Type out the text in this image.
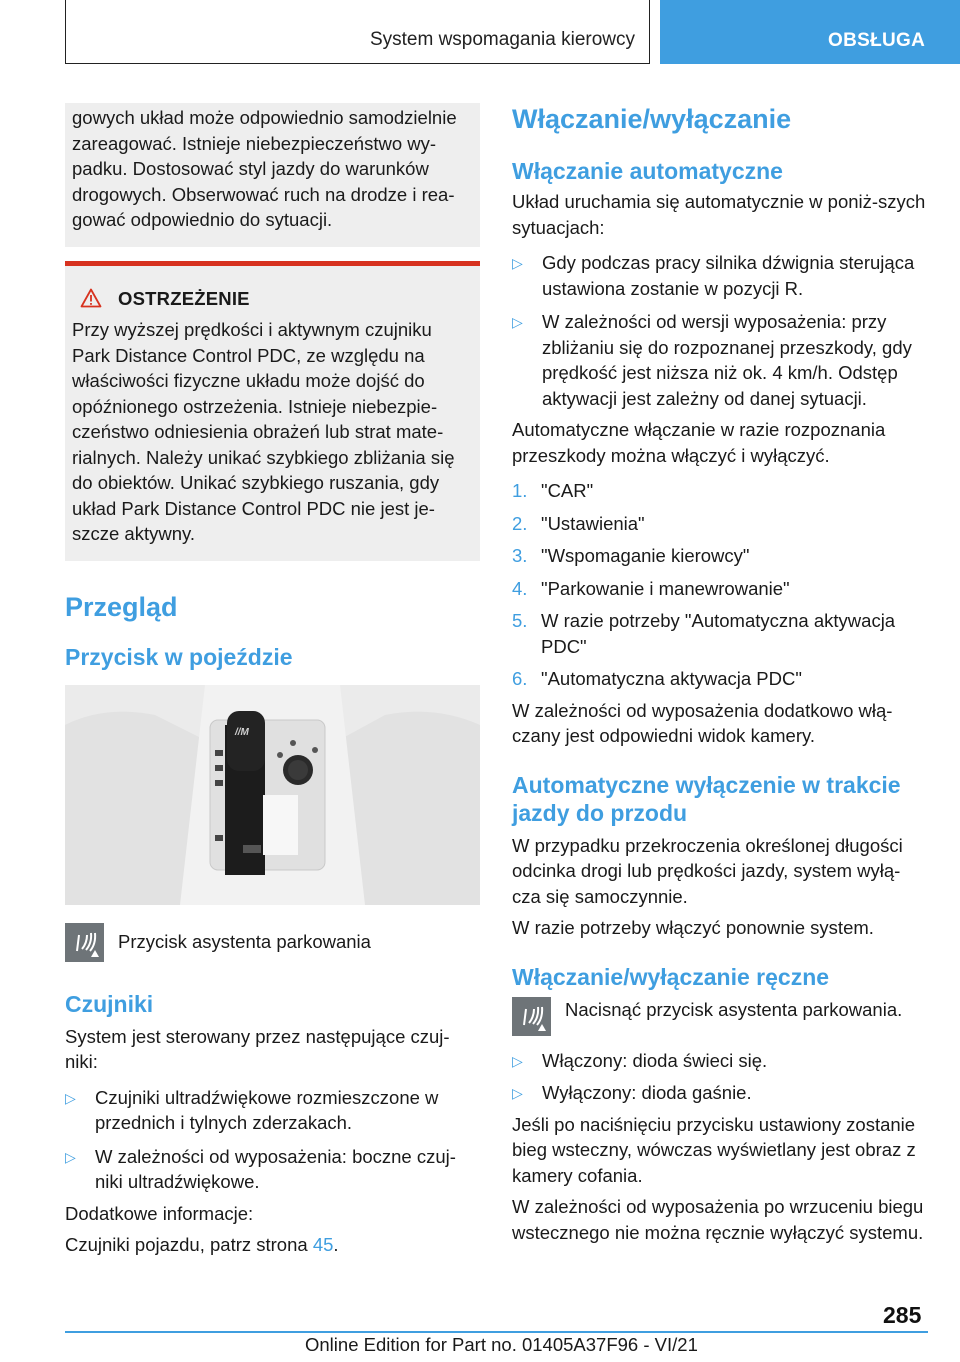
System wspomagania kierowcy	OBSŁUGA

gowych układ może odpowiednio samodzielnie zareagować. Istnieje niebezpieczeństwo wy-padku. Dostosować styl jazdy do warunków drogowych. Obserwować ruch na drodze i rea-gować odpowiednio do sytuacji.

OSTRZEŻENIE

Przy wyższej prędkości i aktywnym czujniku Park Distance Control PDC, ze względu na właściwości fizyczne układu może dojść do opóźnionego ostrzeżenia. Istnieje niebezpie-czeństwo odniesienia obrażeń lub strat mate-rialnych. Należy unikać szybkiego zbliżania się do obiektów. Unikać szybkiego ruszania, gdy układ Park Distance Control PDC nie jest je-szcze aktywny.

Przegląd
Przycisk w pojeździe
//M
Przycisk asystenta parkowania
Czujniki

System jest sterowany przez następujące czuj-niki:

▷ Czujniki ultradźwiękowe rozmieszczone w przednich i tylnych zderzakach.
▷ W zależności od wyposażenia: boczne czuj-niki ultradźwiękowe.

Dodatkowe informacje:

Czujniki pojazdu, patrz strona 45.

Włączanie/wyłączanie
Włączanie automatyczne

Układ uruchamia się automatycznie w poniż-szych sytuacjach:

▷ Gdy podczas pracy silnika dźwignia sterująca ustawiona zostanie w pozycji R.
▷ W zależności od wersji wyposażenia: przy zbliżaniu się do rozpoznanej przeszkody, gdy prędkość jest niższa niż ok. 4 km/h. Odstęp aktywacji jest zależny od danej sytuacji.

Automatyczne włączanie w razie rozpoznania przeszkody można włączyć i wyłączyć.

1. "CAR"
2. "Ustawienia"
3. "Wspomaganie kierowcy"
4. "Parkowanie i manewrowanie"
5. W razie potrzeby "Automatyczna aktywacja PDC"
6. "Automatyczna aktywacja PDC"

W zależności od wyposażenia dodatkowo włą-czany jest odpowiedni widok kamery.

Automatyczne wyłączenie w trakcie jazdy do przodu

W przypadku przekroczenia określonej długości odcinka drogi lub prędkości jazdy, system wyłą-cza się samoczynnie.

W razie potrzeby włączyć ponownie system.

Włączanie/wyłączanie ręczne
Nacisnąć przycisk asystenta parkowania.
▷ Włączony: dioda świeci się.
▷ Wyłączony: dioda gaśnie.

Jeśli po naciśnięciu przycisku ustawiony zostanie bieg wsteczny, wówczas wyświetlany jest obraz z kamery cofania.

W zależności od wyposażenia po wrzuceniu biegu wstecznego nie można ręcznie wyłączyć systemu.

285
Online Edition for Part no. 01405A37F96 - VI/21
